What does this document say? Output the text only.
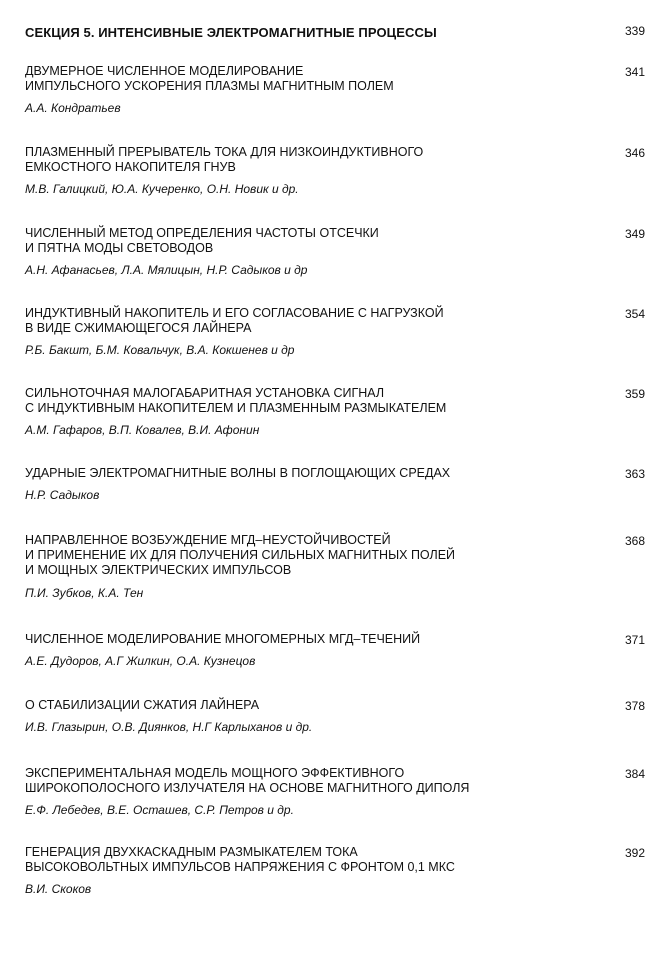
СЕКЦИЯ 5. ИНТЕНСИВНЫЕ ЭЛЕКТРОМАГНИТНЫЕ ПРОЦЕССЫ	339
ДВУМЕРНОЕ ЧИСЛЕННОЕ МОДЕЛИРОВАНИЕ
ИМПУЛЬСНОГО УСКОРЕНИЯ ПЛАЗМЫ МАГНИТНЫМ ПОЛЕМ
А.А. Кондратьев
341
ПЛАЗМЕННЫЙ ПРЕРЫВАТЕЛЬ ТОКА ДЛЯ НИЗКОИНДУКТИВНОГО
ЕМКОСТНОГО НАКОПИТЕЛЯ ГНУВ
М.В. Галицкий, Ю.А. Кучеренко, О.Н. Новик и др.
346
ЧИСЛЕННЫЙ МЕТОД ОПРЕДЕЛЕНИЯ ЧАСТОТЫ ОТСЕЧКИ
И ПЯТНА МОДЫ СВЕТОВОДОВ
А.Н. Афанасьев, Л.А. Мялицын, Н.Р. Садыков и др
349
ИНДУКТИВНЫЙ НАКОПИТЕЛЬ И ЕГО СОГЛАСОВАНИЕ С НАГРУЗКОЙ
В ВИДЕ СЖИМАЮЩЕГОСЯ ЛАЙНЕРА
Р.Б. Бакшт, Б.М. Ковальчук, В.А. Кокшенев и др
354
СИЛЬНОТОЧНАЯ МАЛОГАБАРИТНАЯ УСТАНОВКА СИГНАЛ
С ИНДУКТИВНЫМ НАКОПИТЕЛЕМ И ПЛАЗМЕННЫМ РАЗМЫКАТЕЛЕМ
А.М. Гафаров, В.П. Ковалев, В.И. Афонин
359
УДАРНЫЕ ЭЛЕКТРОМАГНИТНЫЕ ВОЛНЫ В ПОГЛОЩАЮЩИХ СРЕДАХ
Н.Р. Садыков
363
НАПРАВЛЕННОЕ ВОЗБУЖДЕНИЕ МГД–НЕУСТОЙЧИВОСТЕЙ
И ПРИМЕНЕНИЕ ИХ ДЛЯ ПОЛУЧЕНИЯ СИЛЬНЫХ МАГНИТНЫХ ПОЛЕЙ
И МОЩНЫХ ЭЛЕКТРИЧЕСКИХ ИМПУЛЬСОВ
П.И. Зубков, К.А. Тен
368
ЧИСЛЕННОЕ МОДЕЛИРОВАНИЕ МНОГОМЕРНЫХ МГД–ТЕЧЕНИЙ
А.Е. Дудоров, А.Г Жилкин, О.А. Кузнецов
371
О СТАБИЛИЗАЦИИ СЖАТИЯ ЛАЙНЕРА
И.В. Глазырин, О.В. Диянков, Н.Г Карлыханов и др.
378
ЭКСПЕРИМЕНТАЛЬНАЯ МОДЕЛЬ МОЩНОГО ЭФФЕКТИВНОГО
ШИРОКОПОЛОСНОГО ИЗЛУЧАТЕЛЯ НА ОСНОВЕ МАГНИТНОГО ДИПОЛЯ
Е.Ф. Лебедев, В.Е. Осташев, С.Р. Петров и др.
384
ГЕНЕРАЦИЯ ДВУХКАСКАДНЫМ РАЗМЫКАТЕЛЕМ ТОКА
ВЫСОКОВОЛЬТНЫХ ИМПУЛЬСОВ НАПРЯЖЕНИЯ С ФРОНТОМ 0,1 МКС
В.И. Скоков
392
